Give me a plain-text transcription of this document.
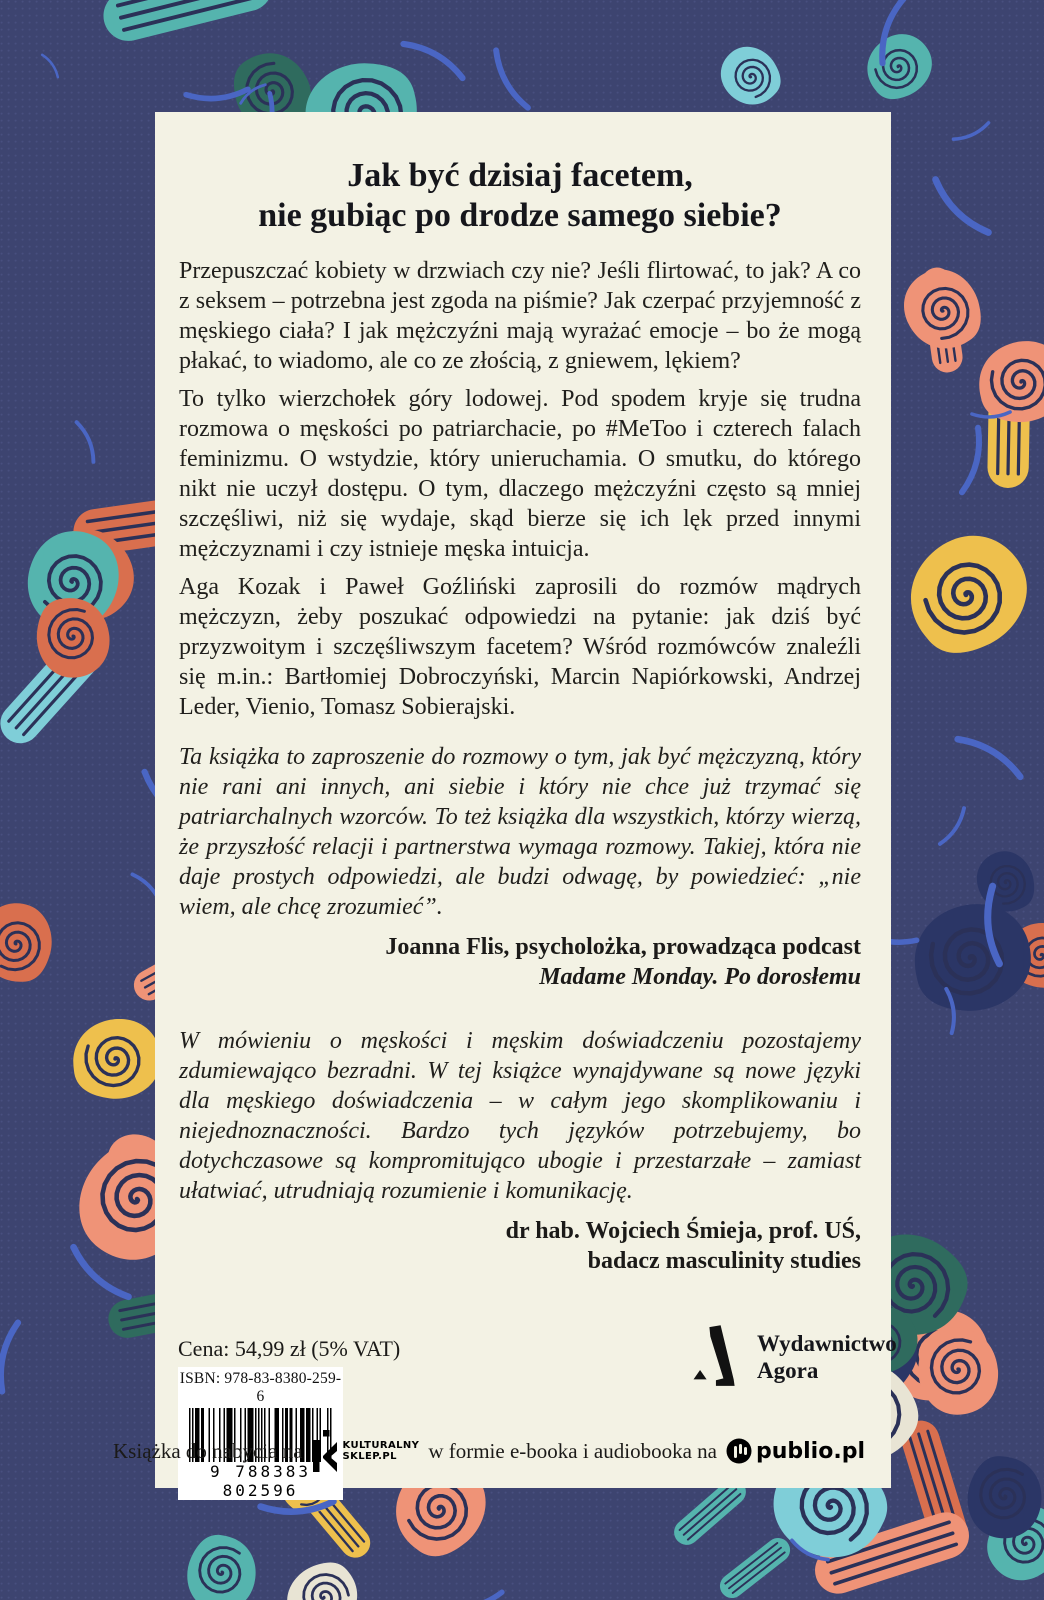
Jak być dzisiaj facetem,
nie gubiąc po drodze samego siebie?

Przepuszczać kobiety w drzwiach czy nie? Jeśli flirtować, to jak? A co z seksem – potrzebna jest zgoda na piśmie? Jak czerpać przyjemność z męskiego ciała? I jak mężczyźni mają wyrażać emocje – bo że mogą płakać, to wiadomo, ale co ze złością, z gniewem, lękiem?

To tylko wierzchołek góry lodowej. Pod spodem kryje się trudna rozmowa o męskości po patriarchacie, po #MeToo i czterech falach feminizmu. O wstydzie, który unieruchamia. O smutku, do którego nikt nie uczył dostępu. O tym, dlaczego mężczyźni często są mniej szczęśliwi, niż się wydaje, skąd bierze się ich lęk przed innymi mężczyznami i czy istnieje męska intuicja.

Aga Kozak i Paweł Goźliński zaprosili do rozmów mądrych mężczyzn, żeby poszukać odpowiedzi na pytanie: jak dziś być przyzwoitym i szczęśliwszym facetem? Wśród rozmówców znaleźli się m.in.: Bartłomiej Dobroczyński, Marcin Napiórkowski, Andrzej Leder, Vienio, Tomasz Sobierajski.

Ta książka to zaproszenie do rozmowy o tym, jak być mężczyzną, który nie rani ani innych, ani siebie i który nie chce już trzymać się patriarchalnych wzorców. To też książka dla wszystkich, którzy wierzą, że przyszłość relacji i partnerstwa wymaga rozmowy. Takiej, która nie daje prostych odpowiedzi, ale budzi odwagę, by powiedzieć: „nie wiem, ale chcę zrozumieć”.

Joanna Flis, psycholożka, prowadząca podcast
Madame Monday. Po dorosłemu

W mówieniu o męskości i męskim doświadczeniu pozostajemy zdumiewająco bezradni. W tej książce wynajdywane są nowe języki dla męskiego doświadczenia – w całym jego skomplikowaniu i niejednoznaczności. Bardzo tych języków potrzebujemy, bo dotychczasowe są kompromitująco ubogie i przestarzałe – zamiast ułatwiać, utrudniają rozumienie i komunikację.

dr hab. Wojciech Śmieja, prof. UŚ,
badacz masculinity studies

Cena: 54,99 zł (5% VAT)
ISBN: 978-83-8380-259-6
9 788383 802596
Wydawnictwo
Agora
Książka do nabycia na	KULTURALNY
SKLEP.PL	w formie e-booka i audiobooka na publio.pl
